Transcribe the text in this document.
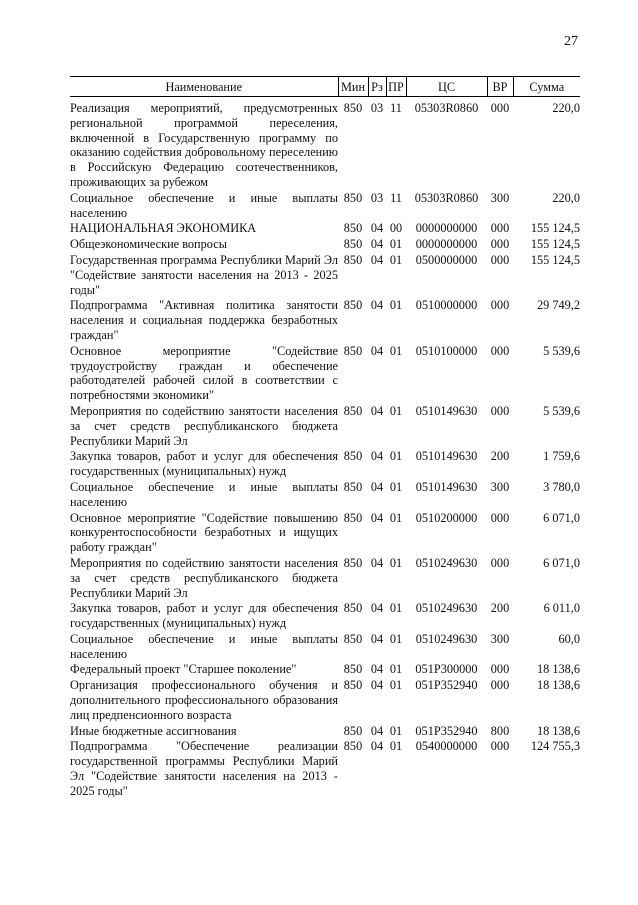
27
Наименование	Мин	Рз	ПР	ЦС	ВР	Сумма
Реализация мероприятий, предусмотренных региональной программой переселения, включенной в Государственную программу по оказанию содействия добровольному переселению в Российскую Федерацию соотечественников, проживающих за рубежом	850	03	11	05303R0860	000	220,0
Социальное обеспечение и иные выплаты населению	850	03	11	05303R0860	300	220,0
НАЦИОНАЛЬНАЯ ЭКОНОМИКА	850	04	00	0000000000	000	155 124,5
Общеэкономические вопросы	850	04	01	0000000000	000	155 124,5
Государственная программа Республики Марий Эл "Содействие занятости населения на 2013 - 2025 годы"	850	04	01	0500000000	000	155 124,5
Подпрограмма "Активная политика занятости населения и социальная поддержка безработных граждан"	850	04	01	0510000000	000	29 749,2
Основное мероприятие "Содействие трудоустройству граждан и обеспечение работодателей рабочей силой в соответствии с потребностями экономики"	850	04	01	0510100000	000	5 539,6
Мероприятия по содействию занятости населения за счет средств республиканского бюджета Республики Марий Эл	850	04	01	0510149630	000	5 539,6
Закупка товаров, работ и услуг для обеспечения государственных (муниципальных) нужд	850	04	01	0510149630	200	1 759,6
Социальное обеспечение и иные выплаты населению	850	04	01	0510149630	300	3 780,0
Основное мероприятие "Содействие повышению конкурентоспособности безработных и ищущих работу граждан"	850	04	01	0510200000	000	6 071,0
Мероприятия по содействию занятости населения за счет средств республиканского бюджета Республики Марий Эл	850	04	01	0510249630	000	6 071,0
Закупка товаров, работ и услуг для обеспечения государственных (муниципальных) нужд	850	04	01	0510249630	200	6 011,0
Социальное обеспечение и иные выплаты населению	850	04	01	0510249630	300	60,0
Федеральный проект "Старшее поколение"	850	04	01	051P300000	000	18 138,6
Организация профессионального обучения и дополнительного профессионального образования лиц предпенсионного возраста	850	04	01	051P352940	000	18 138,6
Иные бюджетные ассигнования	850	04	01	051P352940	800	18 138,6
Подпрограмма "Обеспечение реализации государственной программы Республики Марий Эл "Содействие занятости населения на 2013 - 2025 годы"	850	04	01	0540000000	000	124 755,3
